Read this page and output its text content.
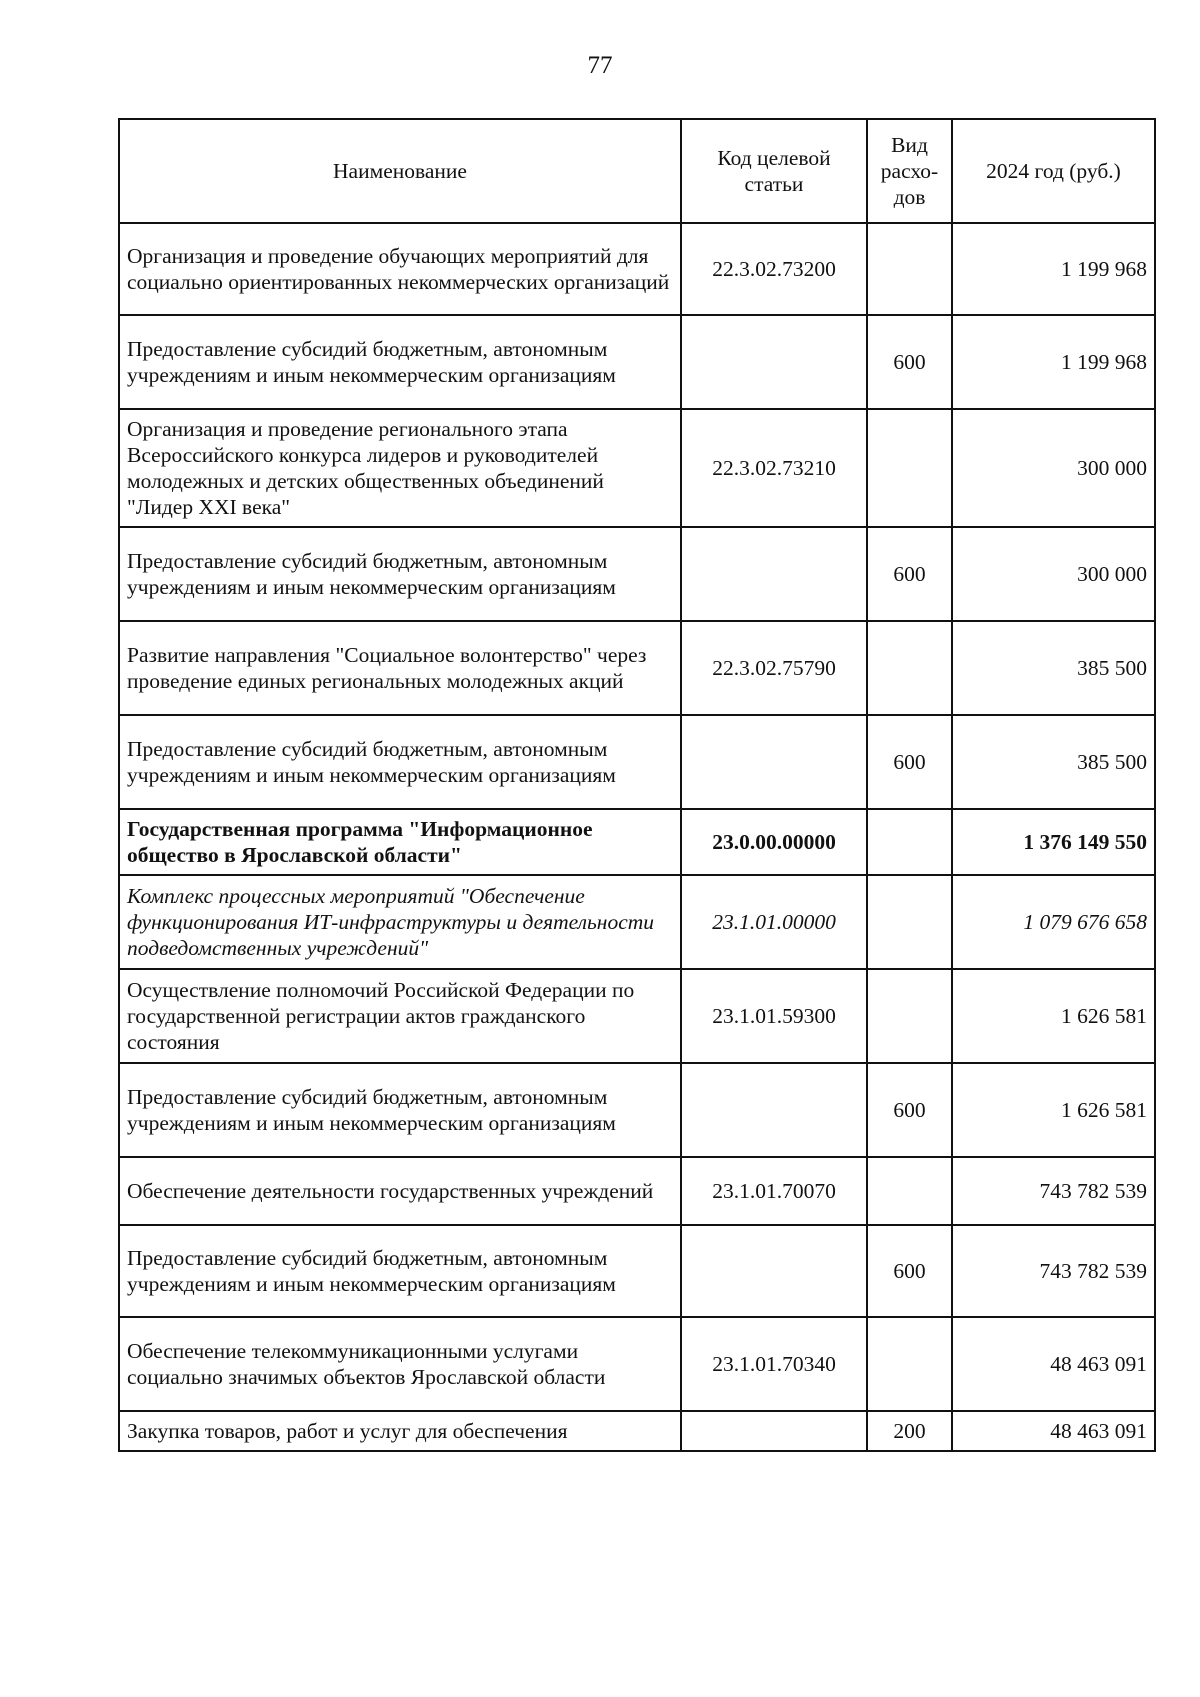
77
Наименование	Код целевой статьи	Вид расхо-дов	2024 год (руб.)
Организация и проведение обучающих мероприятий для социально ориентированных некоммерческих организаций	22.3.02.73200		1 199 968
Предоставление субсидий бюджетным, автономным учреждениям и иным некоммерческим организациям		600	1 199 968
Организация и проведение регионального этапа Всероссийского конкурса лидеров и руководителей молодежных и детских общественных объединений "Лидер XXI века"	22.3.02.73210		300 000
Предоставление субсидий бюджетным, автономным учреждениям и иным некоммерческим организациям		600	300 000
Развитие направления "Социальное волонтерство" через проведение единых региональных молодежных акций	22.3.02.75790		385 500
Предоставление субсидий бюджетным, автономным учреждениям и иным некоммерческим организациям		600	385 500
Государственная программа "Информационное общество в Ярославской области"	23.0.00.00000		1 376 149 550
Комплекс процессных мероприятий "Обеспечение функционирования ИТ-инфраструктуры и деятельности подведомственных учреждений"	23.1.01.00000		1 079 676 658
Осуществление полномочий Российской Федерации по государственной регистрации актов гражданского состояния	23.1.01.59300		1 626 581
Предоставление субсидий бюджетным, автономным учреждениям и иным некоммерческим организациям		600	1 626 581
Обеспечение деятельности государственных учреждений	23.1.01.70070		743 782 539
Предоставление субсидий бюджетным, автономным учреждениям и иным некоммерческим организациям		600	743 782 539
Обеспечение телекоммуникационными услугами социально значимых объектов Ярославской области	23.1.01.70340		48 463 091
Закупка товаров, работ и услуг для обеспечения		200	48 463 091
